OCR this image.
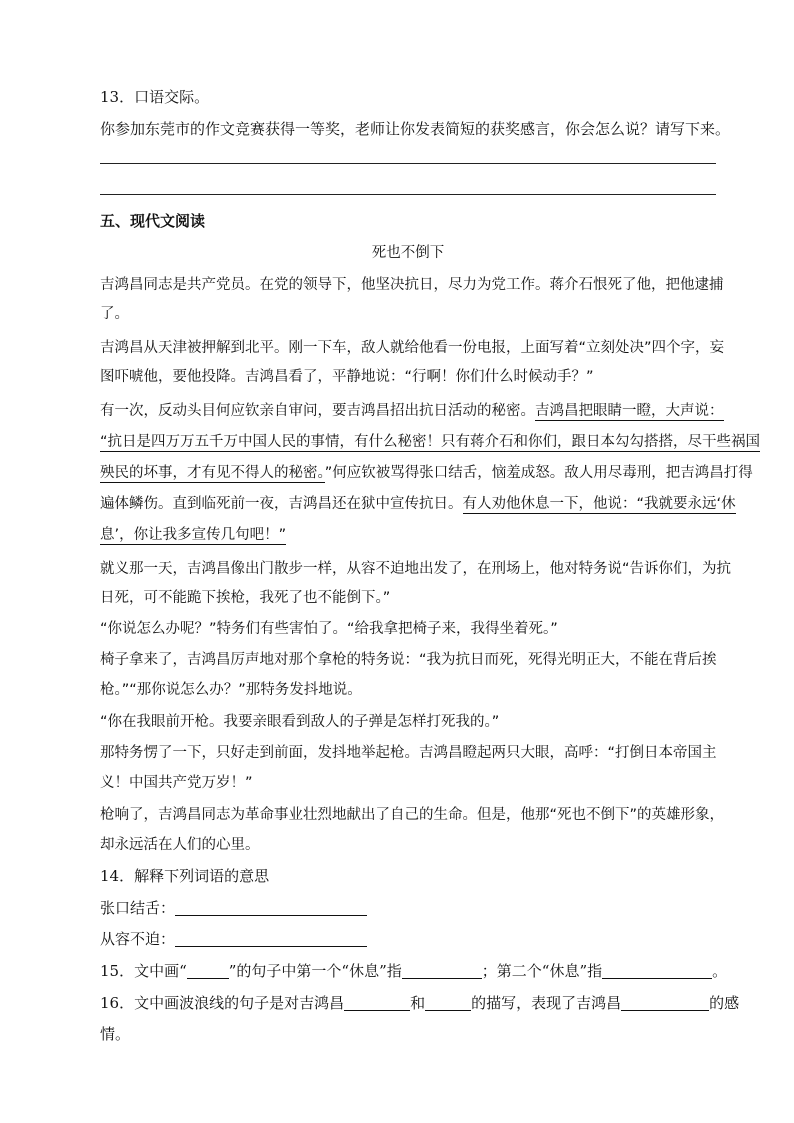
13．口语交际。
你参加东莞市的作文竞赛获得一等奖，老师让你发表简短的获奖感言，你会怎么说？请写下来。
五、现代文阅读
死也不倒下
吉鸿昌同志是共产党员。在党的领导下，他坚决抗日，尽力为党工作。蒋介石恨死了他，把他逮捕
了。
吉鸿昌从天津被押解到北平。刚一下车，敌人就给他看一份电报，上面写着“立刻处决”四个字，妄
图吓唬他，要他投降。吉鸿昌看了，平静地说：“行啊！你们什么时候动手？”
有一次，反动头目何应钦亲自审问，要吉鸿昌招出抗日活动的秘密。吉鸿昌把眼睛一瞪，大声说：
“抗日是四万万五千万中国人民的事情，有什么秘密！只有蒋介石和你们，跟日本勾勾搭搭，尽干些祸国
殃民的坏事，才有见不得人的秘密。”何应钦被骂得张口结舌，恼羞成怒。敌人用尽毒刑，把吉鸿昌打得
遍体鳞伤。直到临死前一夜，吉鸿昌还在狱中宣传抗日。有人劝他休息一下，他说：“我就要永远‘休
息’，你让我多宣传几句吧！”
就义那一天，吉鸿昌像出门散步一样，从容不迫地出发了，在刑场上，他对特务说“告诉你们，为抗
日死，可不能跪下挨枪，我死了也不能倒下。”
“你说怎么办呢？”特务们有些害怕了。“给我拿把椅子来，我得坐着死。”
椅子拿来了，吉鸿昌厉声地对那个拿枪的特务说：“我为抗日而死，死得光明正大，不能在背后挨
枪。”“那你说怎么办？”那特务发抖地说。
“你在我眼前开枪。我要亲眼看到敌人的子弹是怎样打死我的。”
那特务愣了一下，只好走到前面，发抖地举起枪。吉鸿昌瞪起两只大眼，高呼：“打倒日本帝国主
义！中国共产党万岁！”
枪响了，吉鸿昌同志为革命事业壮烈地献出了自己的生命。但是，他那“死也不倒下”的英雄形象，
却永远活在人们的心里。
14．解释下列词语的意思
张口结舌：
从容不迫：
15．文中画“	”的句子中第一个“休息”指	；第二个“休息”指	。
16．文中画波浪线的句子是对吉鸿昌	和	的描写，表现了吉鸿昌	的感
情。
